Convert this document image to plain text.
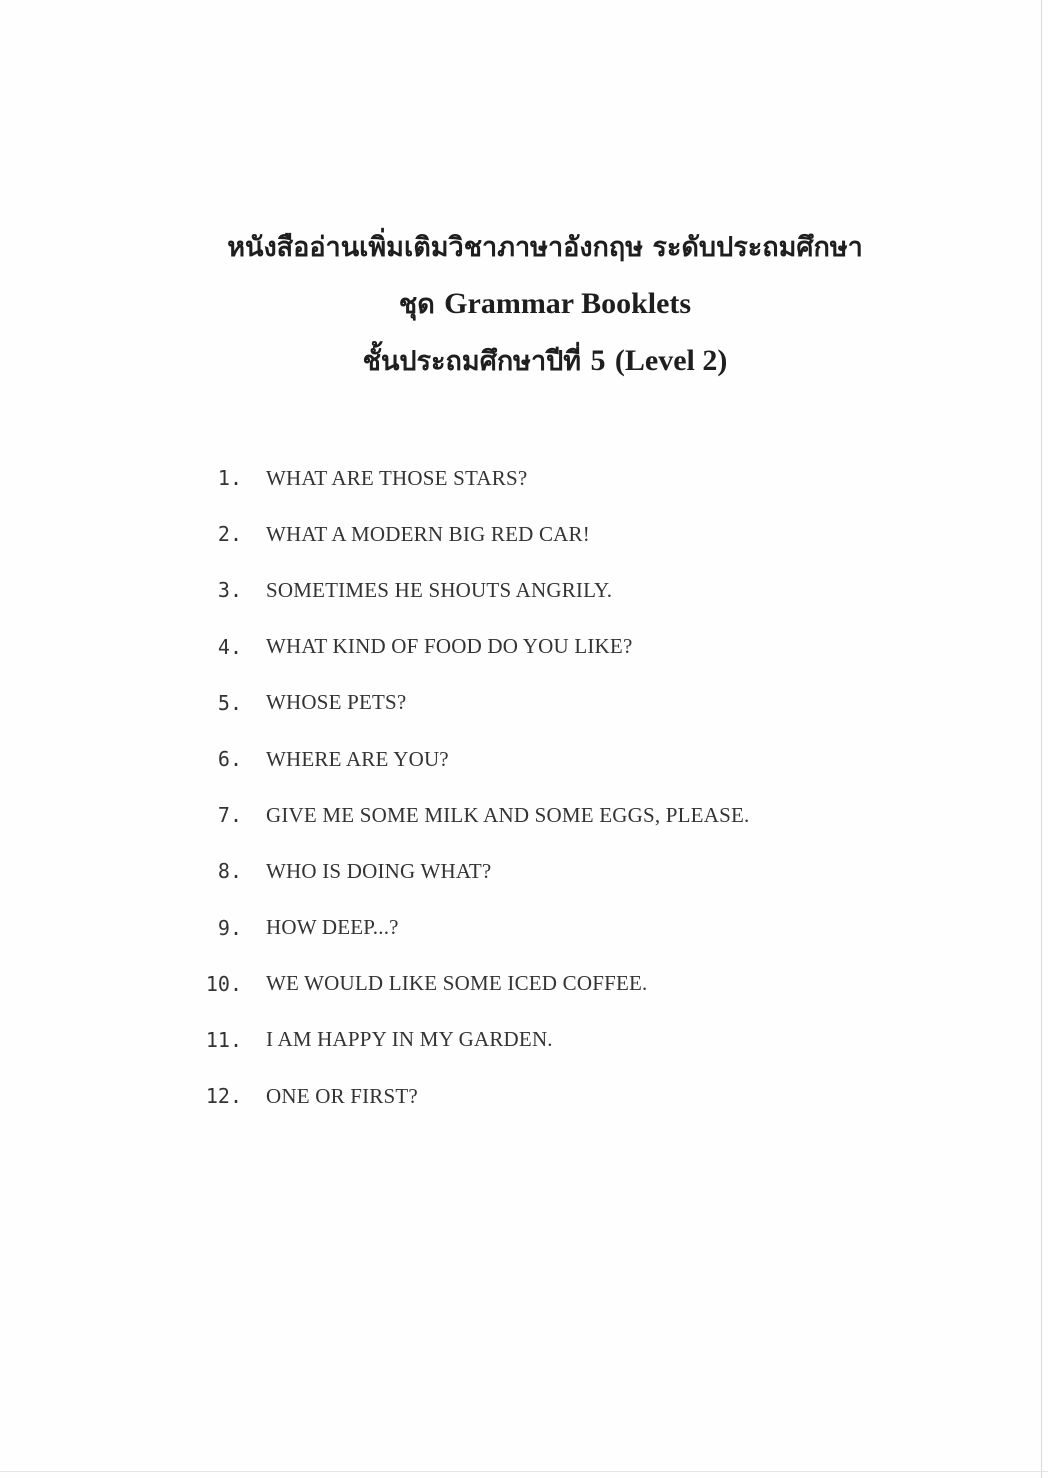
หนังสืออ่านเพิ่มเติมวิชาภาษาอังกฤษ ระดับประถมศึกษา
ชุด Grammar Booklets
ชั้นประถมศึกษาปีที่ 5 (Level 2)
1. WHAT ARE THOSE STARS?
2. WHAT A MODERN BIG RED CAR!
3. SOMETIMES HE SHOUTS ANGRILY.
4. WHAT KIND OF FOOD DO YOU LIKE?
5. WHOSE PETS?
6. WHERE ARE YOU?
7. GIVE ME SOME MILK AND SOME EGGS, PLEASE.
8. WHO IS DOING WHAT?
9. HOW DEEP...?
10. WE WOULD LIKE SOME ICED COFFEE.
11. I AM HAPPY IN MY GARDEN.
12. ONE OR FIRST?
